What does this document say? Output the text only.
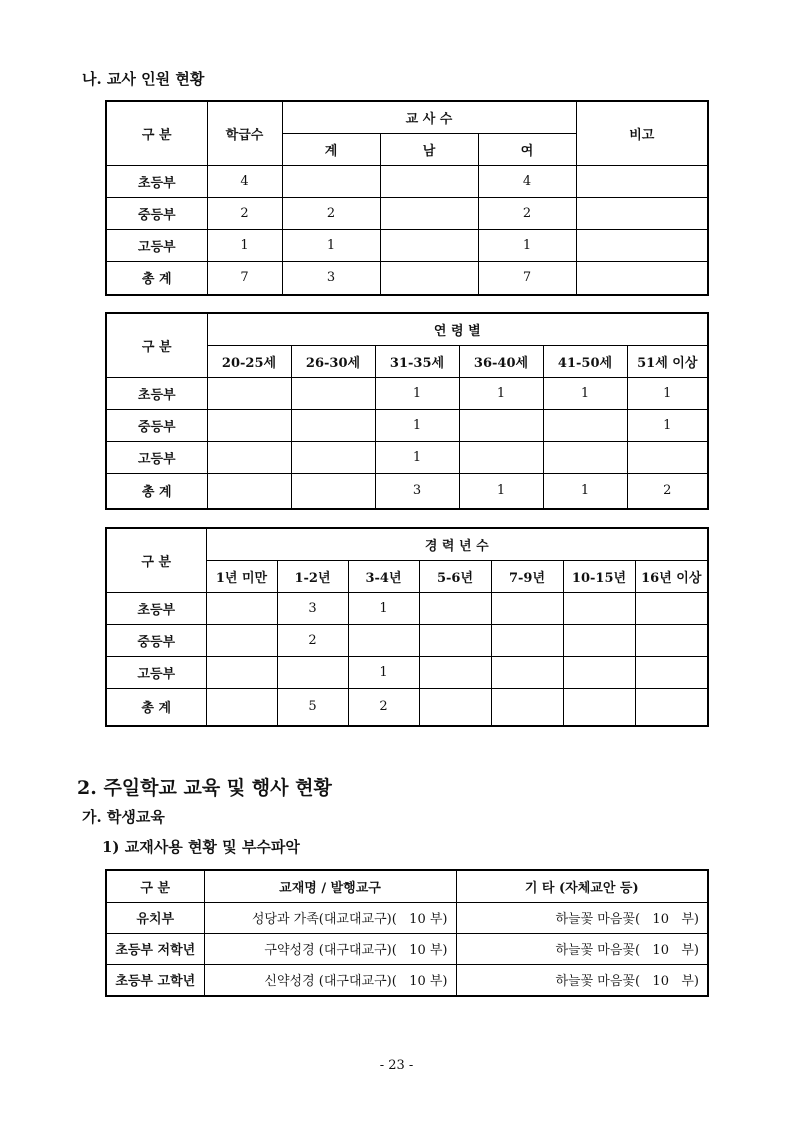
나. 교사 인원 현황
구 분	학급수	교 사 수			비고
		계	남	여	
초등부	4			4	
중등부	2	2		2	
고등부	1	1		1	
총 계	7	3		7	
구 분	연 령 별					
	20-25세	26-30세	31-35세	36-40세	41-50세	51세 이상
초등부			1	1	1	1
중등부			1			1
고등부			1			
총 계			3	1	1	2
구 분	경 력 년 수						
	1년 미만	1-2년	3-4년	5-6년	7-9년	10-15년	16년 이상
초등부		3	1				
중등부		2					
고등부			1				
총 계		5	2				
2. 주일학교 교육 및 행사 현황
가. 학생교육
1) 교재사용 현황 및 부수파악
구 분	교재명 / 발행교구	기 타 (자체교안 등)
유치부	성당과 가족(대교대교구)(   10 부)	하늘꽃 마음꽃(   10   부)
초등부 저학년	구약성경 (대구대교구)(   10 부)	하늘꽃 마음꽃(   10   부)
초등부 고학년	신약성경 (대구대교구)(   10 부)	하늘꽃 마음꽃(   10   부)
- 23 -
